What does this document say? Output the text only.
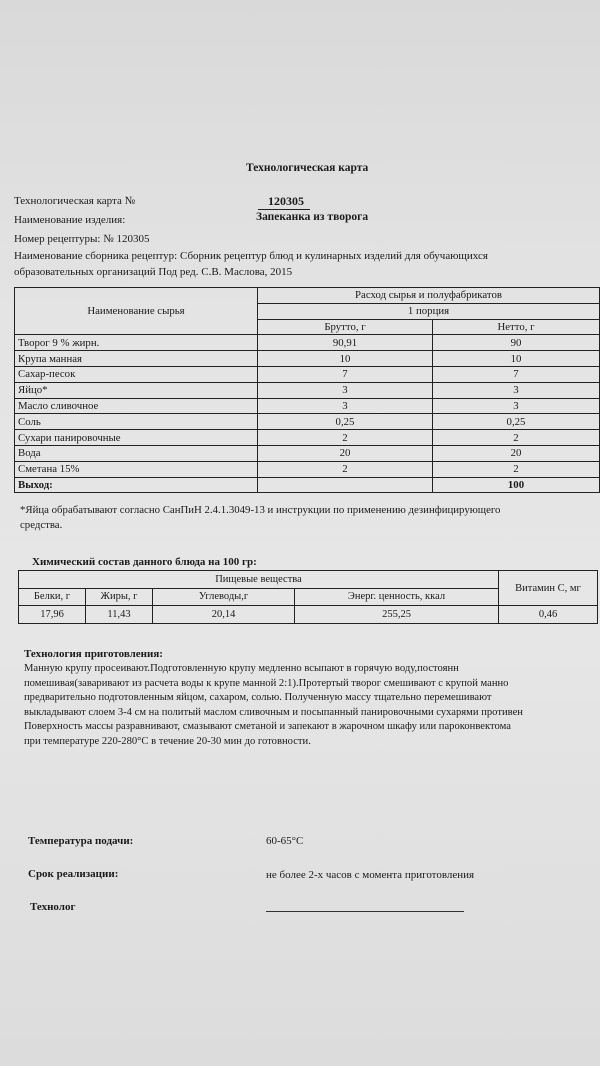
Технологическая карта
Технологическая карта №	120305
Наименование изделия:	Запеканка из творога
Номер рецептуры: № 120305
Наименование сборника рецептур: Сборник рецептур блюд и кулинарных изделий для обучающихся
образовательных организаций Под ред. С.В. Маслова, 2015
Наименование сырья	Расход сырья и полуфабрикатов	
	1 порция	
	Брутто, г	Нетто, г
Творог 9 % жирн.	90,91	90
Крупа манная	10	10
Сахар-песок	7	7
Яйцо*	3	3
Масло сливочное	3	3
Соль	0,25	0,25
Сухари панировочные	2	2
Вода	20	20
Сметана 15%	2	2
Выход:		100
*Яйца обрабатывают согласно СанПиН 2.4.1.3049-13 и инструкции по применению дезинфицирующего
средства.
Химический состав данного блюда на 100 гр:
Пищевые вещества				Витамин С, мг
Белки, г	Жиры, г	Углеводы,г	Энерг. ценность, ккал	
17,96	11,43	20,14	255,25	0,46
Технология приготовления:
Манную крупу просеивают.Подготовленную крупу медленно всыпают в горячую воду,постоянн
помешивая(заваривают из расчета воды к крупе манной 2:1).Протертый творог смешивают с крупой манно
предварительно подготовленным яйцом, сахаром, солью. Полученную массу тщательно перемешивают
выкладывают слоем 3-4 см на политый маслом сливочным и посыпанный панировочными сухарями противен
Поверхность массы разравнивают, смазывают сметаной и запекают в жарочном шкафу или пароконвектома
при температуре 220-280°С в течение 20-30 мин до готовности.
Температура подачи:	60-65°С
Срок реализации:	не более 2-х часов с момента приготовления
Технолог
